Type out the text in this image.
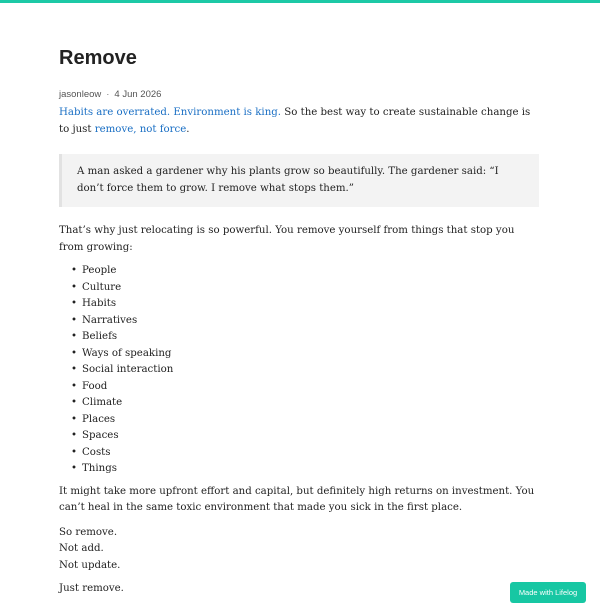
Remove
jasonleow · 4 Jun 2026

Habits are overrated. Environment is king. So the best way to create sustainable change is to just remove, not force.

A man asked a gardener why his plants grow so beautifully. The gardener said: “I don’t force them to grow. I remove what stops them.”

That’s why just relocating is so powerful. You remove yourself from things that stop you from growing:

• People
• Culture
• Habits
• Narratives
• Beliefs
• Ways of speaking
• Social interaction
• Food
• Climate
• Places
• Spaces
• Costs
• Things

It might take more upfront effort and capital, but definitely high returns on investment. You can’t heal in the same toxic environment that made you sick in the first place.

So remove.
Not add.
Not update.

Just remove.	Made with Lifelog
